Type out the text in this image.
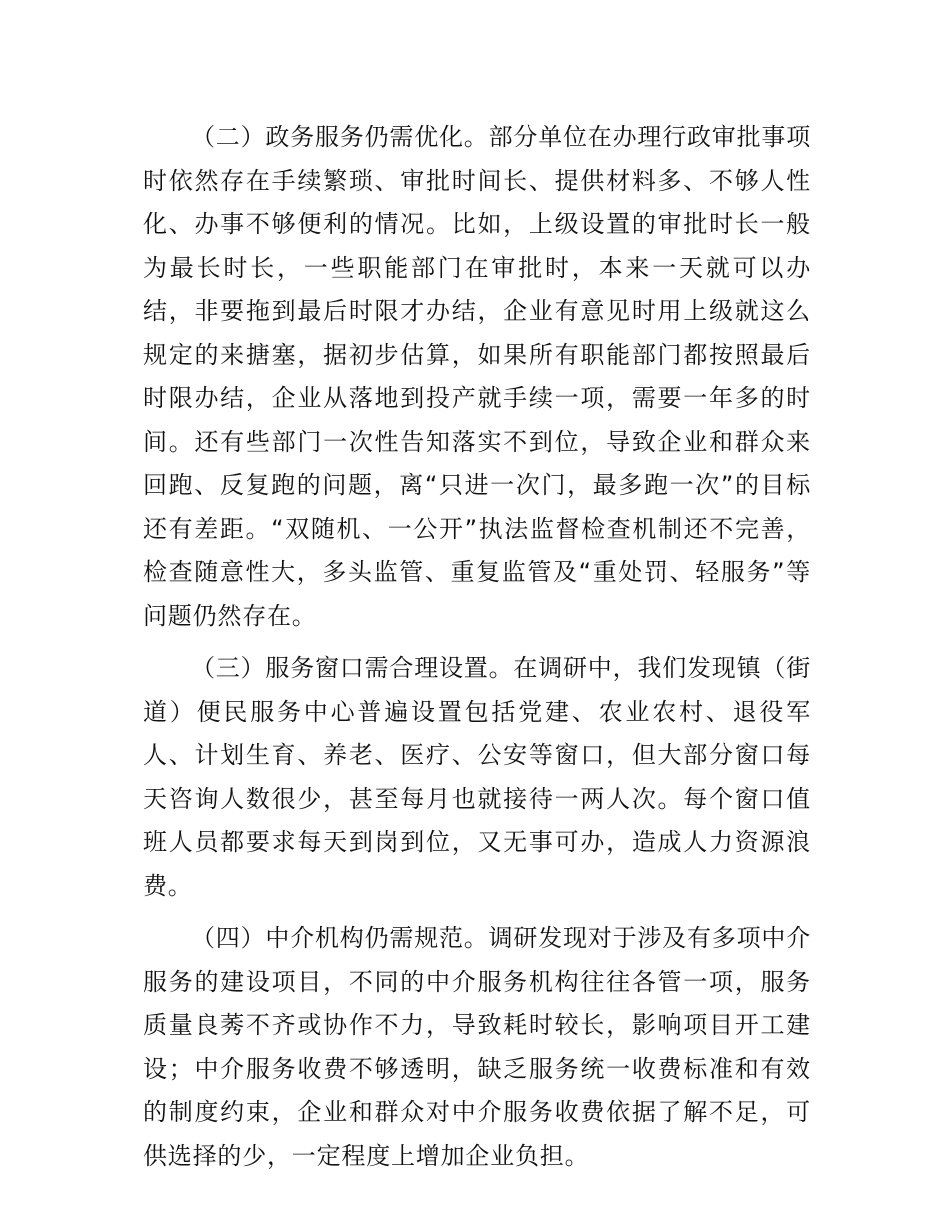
（二）政务服务仍需优化。部分单位在办理行政审批事项时依然存在手续繁琐、审批时间长、提供材料多、不够人性化、办事不够便利的情况。比如，上级设置的审批时长一般为最长时长，一些职能部门在审批时，本来一天就可以办结，非要拖到最后时限才办结，企业有意见时用上级就这么规定的来搪塞，据初步估算，如果所有职能部门都按照最后时限办结，企业从落地到投产就手续一项，需要一年多的时间。还有些部门一次性告知落实不到位，导致企业和群众来回跑、反复跑的问题，离“只进一次门，最多跑一次”的目标还有差距。“双随机、一公开”执法监督检查机制还不完善，检查随意性大，多头监管、重复监管及“重处罚、轻服务”等问题仍然存在。

（三）服务窗口需合理设置。在调研中，我们发现镇（街道）便民服务中心普遍设置包括党建、农业农村、退役军人、计划生育、养老、医疗、公安等窗口，但大部分窗口每天咨询人数很少，甚至每月也就接待一两人次。每个窗口值班人员都要求每天到岗到位，又无事可办，造成人力资源浪费。

（四）中介机构仍需规范。调研发现对于涉及有多项中介服务的建设项目，不同的中介服务机构往往各管一项，服务质量良莠不齐或协作不力，导致耗时较长，影响项目开工建设；中介服务收费不够透明，缺乏服务统一收费标准和有效的制度约束，企业和群众对中介服务收费依据了解不足，可供选择的少，一定程度上增加企业负担。
